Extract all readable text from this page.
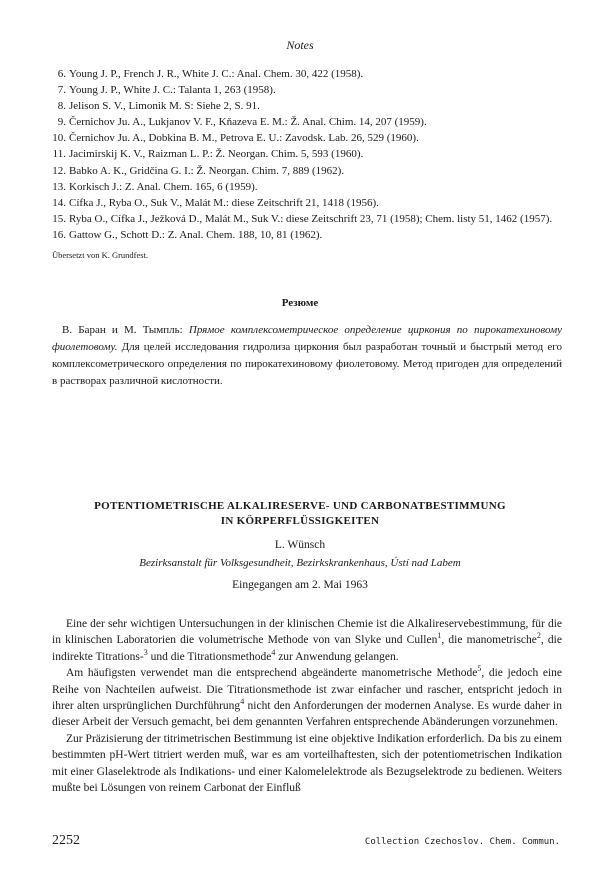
Notes
6. Young J. P., French J. R., White J. C.: Anal. Chem. 30, 422 (1958).
7. Young J. P., White J. C.: Talanta 1, 263 (1958).
8. Jelison S. V., Limonik M. S: Siehe 2, S. 91.
9. Černichov Ju. A., Lukjanov V. F., Kňazeva E. M.: Ž. Anal. Chim. 14, 207 (1959).
10. Černichov Ju. A., Dobkina B. M., Petrova E. U.: Zavodsk. Lab. 26, 529 (1960).
11. Jacimirskij K. V., Raizman L. P.: Ž. Neorgan. Chim. 5, 593 (1960).
12. Babko A. K., Gridčina G. I.: Ž. Neorgan. Chim. 7, 889 (1962).
13. Korkisch J.: Z. Anal. Chem. 165, 6 (1959).
14. Cífka J., Ryba O., Suk V., Malát M.: diese Zeitschrift 21, 1418 (1956).
15. Ryba O., Cífka J., Ježková D., Malát M., Suk V.: diese Zeitschrift 23, 71 (1958); Chem. listy 51, 1462 (1957).
16. Gattow G., Schott D.: Z. Anal. Chem. 188, 10, 81 (1962).
Übersetzt von K. Grundfest.
Резюме

В. Баран и М. Тымпль: Прямое комплексометрическое определение циркония по пирокатехиновому фиолетовому. Для целей исследования гидролиза циркония был разработан точный и быстрый метод его комплексометрического определения по пирокатехиновому фиолетовому. Метод пригоден для определений в растворах различной кислотности.

POTENTIOMETRISCHE ALKALIRESERVE- UND CARBONATBESTIMMUNG
IN KÖRPERFLÜSSIGKEITEN
L. Wünsch
Bezirksanstalt für Volksgesundheit, Bezirkskrankenhaus, Ústí nad Labem
Eingegangen am 2. Mai 1963

Eine der sehr wichtigen Untersuchungen in der klinischen Chemie ist die Alkalireservebestimmung, für die in klinischen Laboratorien die volumetrische Methode von van Slyke und Cullen$^1$, die manometrische$^2$, die indirekte Titrations-$^3$ und die Titrationsmethode$^4$ zur Anwendung gelangen.

Am häufigsten verwendet man die entsprechend abgeänderte manometrische Methode$^5$, die jedoch eine Reihe von Nachteilen aufweist. Die Titrationsmethode ist zwar einfacher und rascher, entspricht jedoch in ihrer alten ursprünglichen Durchführung$^4$ nicht den Anforderungen der modernen Analyse. Es wurde daher in dieser Arbeit der Versuch gemacht, bei dem genannten Verfahren entsprechende Abänderungen vorzunehmen.

Zur Präzisierung der titrimetrischen Bestimmung ist eine objektive Indikation erforderlich. Da bis zu einem bestimmten pH-Wert titriert werden muß, war es am vorteilhaftesten, sich der potentiometrischen Indikation mit einer Glaselektrode als Indikations- und einer Kalomelelektrode als Bezugselektrode zu bedienen. Weiters mußte bei Lösungen von reinem Carbonat der Einfluß

2252	Collection Czechoslov. Chem. Commun.
